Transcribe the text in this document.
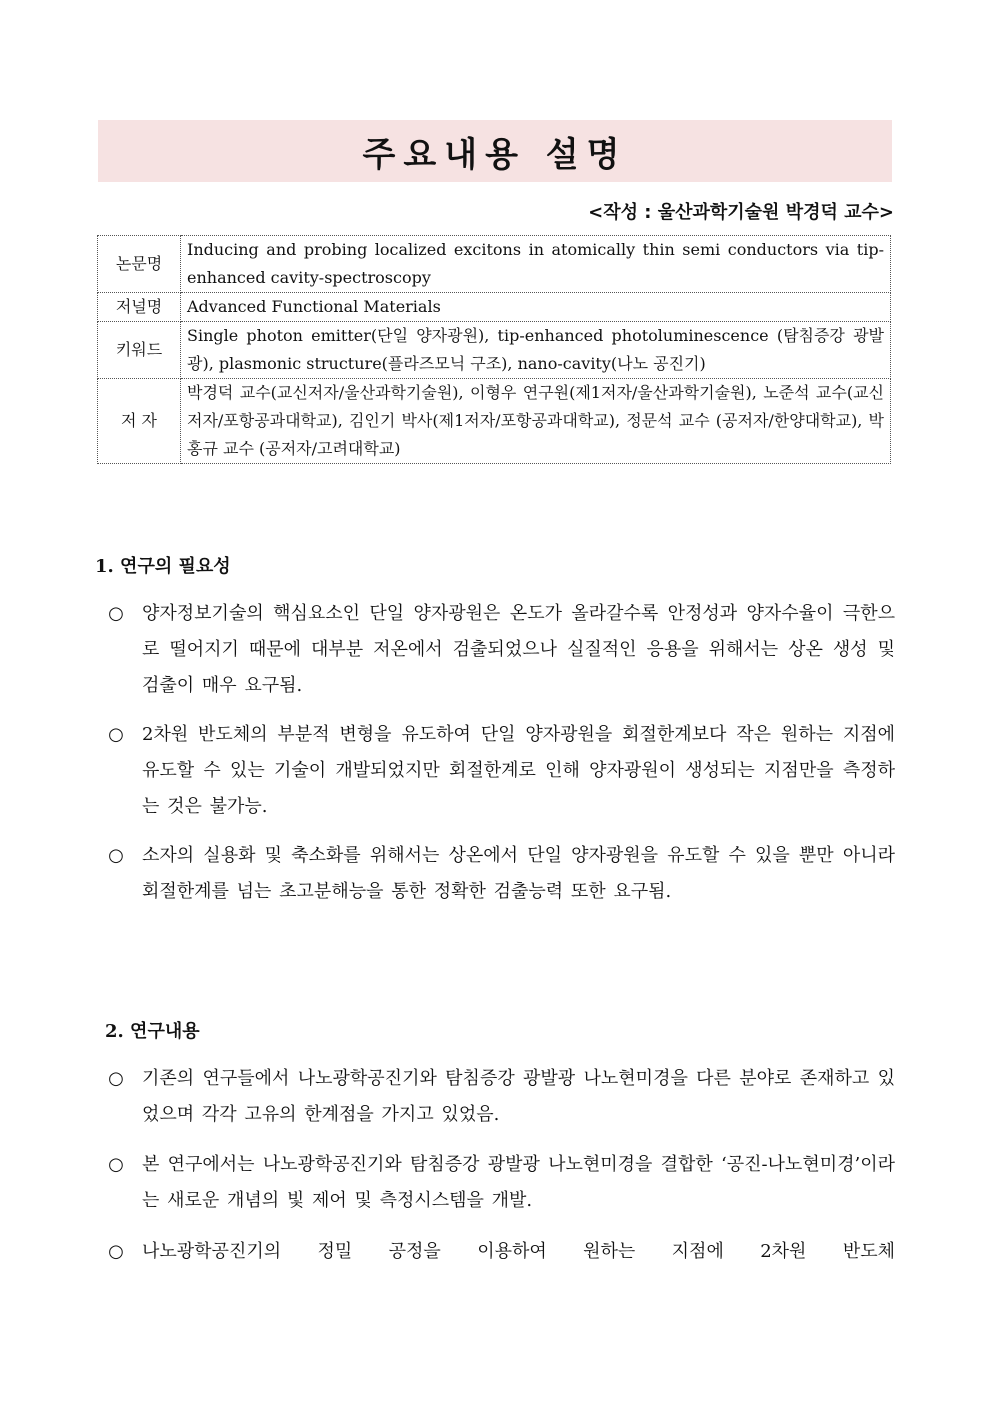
주요내용 설명
<작성 : 울산과학기술원 박경덕 교수>
논문명	Inducing and probing localized excitons in atomically thin semi conductors via tip-enhanced cavity-spectroscopy
저널명	Advanced Functional Materials
키워드	Single photon emitter(단일 양자광원), tip-enhanced photoluminescence (탐침증강 광발광), plasmonic structure(플라즈모닉 구조), nano-cavity(나노 공진기)
저 자	박경덕 교수(교신저자/울산과학기술원), 이형우 연구원(제1저자/울산과학기술원), 노준석 교수(교신저자/포항공과대학교), 김인기 박사(제1저자/포항공과대학교), 정문석 교수 (공저자/한양대학교), 박홍규 교수 (공저자/고려대학교)
1. 연구의 필요성
○ 양자정보기술의 핵심요소인 단일 양자광원은 온도가 올라갈수록 안정성과 양자수율이 극한으로 떨어지기 때문에 대부분 저온에서 검출되었으나 실질적인 응용을 위해서는 상온 생성 및 검출이 매우 요구됨.
○ 2차원 반도체의 부분적 변형을 유도하여 단일 양자광원을 회절한계보다 작은 원하는 지점에 유도할 수 있는 기술이 개발되었지만 회절한계로 인해 양자광원이 생성되는 지점만을 측정하는 것은 불가능.
○ 소자의 실용화 및 축소화를 위해서는 상온에서 단일 양자광원을 유도할 수 있을 뿐만 아니라 회절한계를 넘는 초고분해능을 통한 정확한 검출능력 또한 요구됨.
2. 연구내용
○ 기존의 연구들에서 나노광학공진기와 탐침증강 광발광 나노현미경을 다른 분야로 존재하고 있었으며 각각 고유의 한계점을 가지고 있었음.
○ 본 연구에서는 나노광학공진기와 탐침증강 광발광 나노현미경을 결합한 ‘공진-나노현미경’이라는 새로운 개념의 빛 제어 및 측정시스템을 개발.
○ 나노광학공진기의 정밀 공정을 이용하여 원하는 지점에 2차원 반도체
